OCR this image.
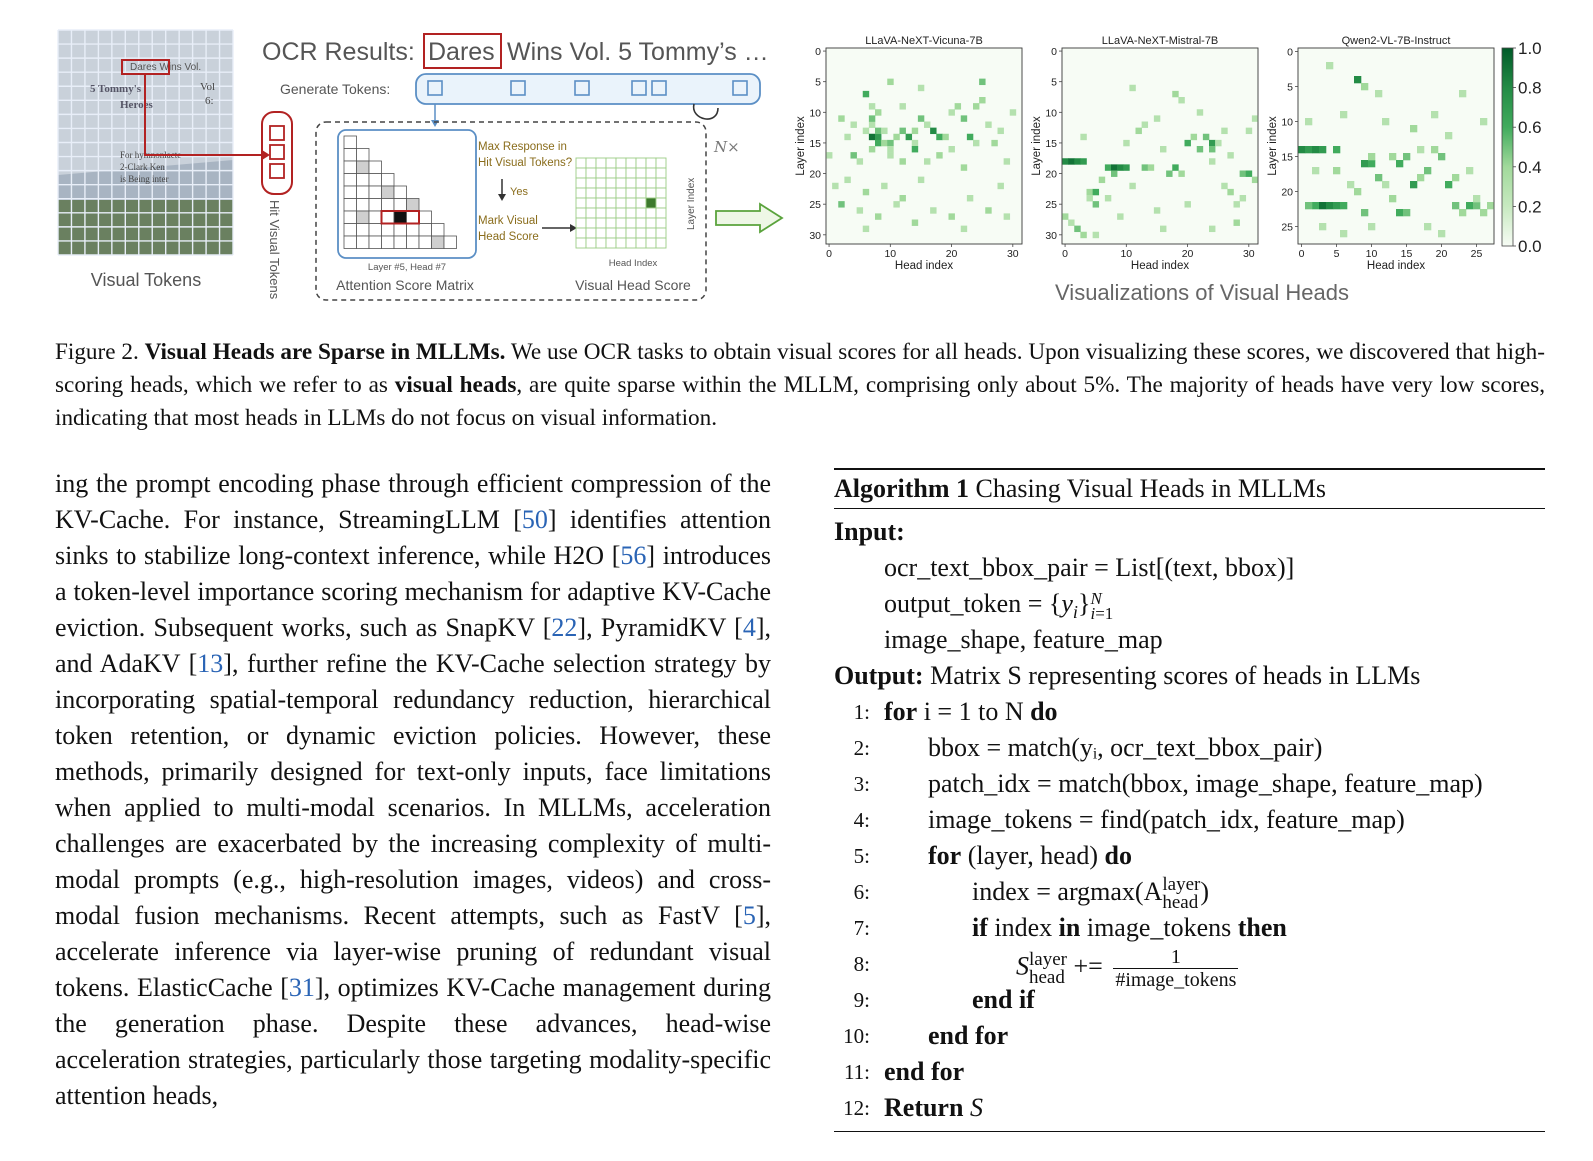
Dares Wins Vol.
5 Tommy's	Vol
6:
Heroes
For hymnonlacte
2-Clark Ken
is Being inter
Visual Tokens	Hit Visual Tokens
OCR Results: Dares Wins Vol. 5 Tommy’s …
Generate Tokens:
N×
Layer #5, Head #7
Attention Score Matrix
Max Response in
Hit Visual Tokens?
Yes
Mark Visual
Head Score
Head Index
Layer Index
Visual Head Score
LLaVA-NeXT-Vicuna-7B
0	10	20	30
0
5
10
15
20
25
30
Head index
Layer index
LLaVA-NeXT-Mistral-7B
0	10	20	30
0
5
10
15
20
25
30
Head index
Layer index
Qwen2-VL-7B-Instruct
0	5 10 15 20 25
0
5
10
15
20
25
Head index
Layer index
0.0
0.2
0.4
0.6
0.8
1.0
Visualizations of Visual Heads
Figure 2. Visual Heads are Sparse in MLLMs. We use OCR tasks to obtain visual scores for all heads. Upon visualizing these scores, we discovered that high-scoring heads, which we refer to as visual heads, are quite sparse within the MLLM, comprising only about 5%. The majority of heads have very low scores, indicating that most heads in LLMs do not focus on visual information.

ing the prompt encoding phase through efficient compression of the KV-Cache. For instance, StreamingLLM [50] identifies attention sinks to stabilize long-context inference, while H2O [56] introduces a token-level importance scoring mechanism for adaptive KV-Cache eviction. Subsequent works, such as SnapKV [22], PyramidKV [4], and AdaKV [13], further refine the KV-Cache selection strategy by incorporating spatial-temporal redundancy reduction, hierarchical token retention, or dynamic eviction policies. However, these methods, primarily designed for text-only inputs, face limitations when applied to multi-modal scenarios. In MLLMs, acceleration challenges are exacerbated by the increasing complexity of multi-modal prompts (e.g., high-resolution images, videos) and cross-modal fusion mechanisms. Recent attempts, such as FastV [5], accelerate inference via layer-wise pruning of redundant visual tokens. ElasticCache [31], optimizes KV-Cache management during the generation phase. Despite these advances, head-wise acceleration strategies, particularly those targeting modality-specific attention heads,

Algorithm 1 Chasing Visual Heads in MLLMs
Input:
ocr_text_bbox_pair = List[(text, bbox)]
output_token = $\{y_i\}$ N
i=1
image_shape, feature_map
Output: Matrix S representing scores of heads in LLMs
1: for i = 1 to N do
2: bbox = match(yᵢ, ocr_text_bbox_pair)
3: patch_idx = match(bbox, image_shape, feature_map)
4: image_tokens = find(patch_idx, feature_map)
5: for (layer, head) do
6:	index = argmax(A layer
head )
7:	if index in image_tokens then
8:	S layer
head += $\frac{1}{\text{\#image\_tokens}}$
9:	end if
10: end for
11: end for
12: Return S
